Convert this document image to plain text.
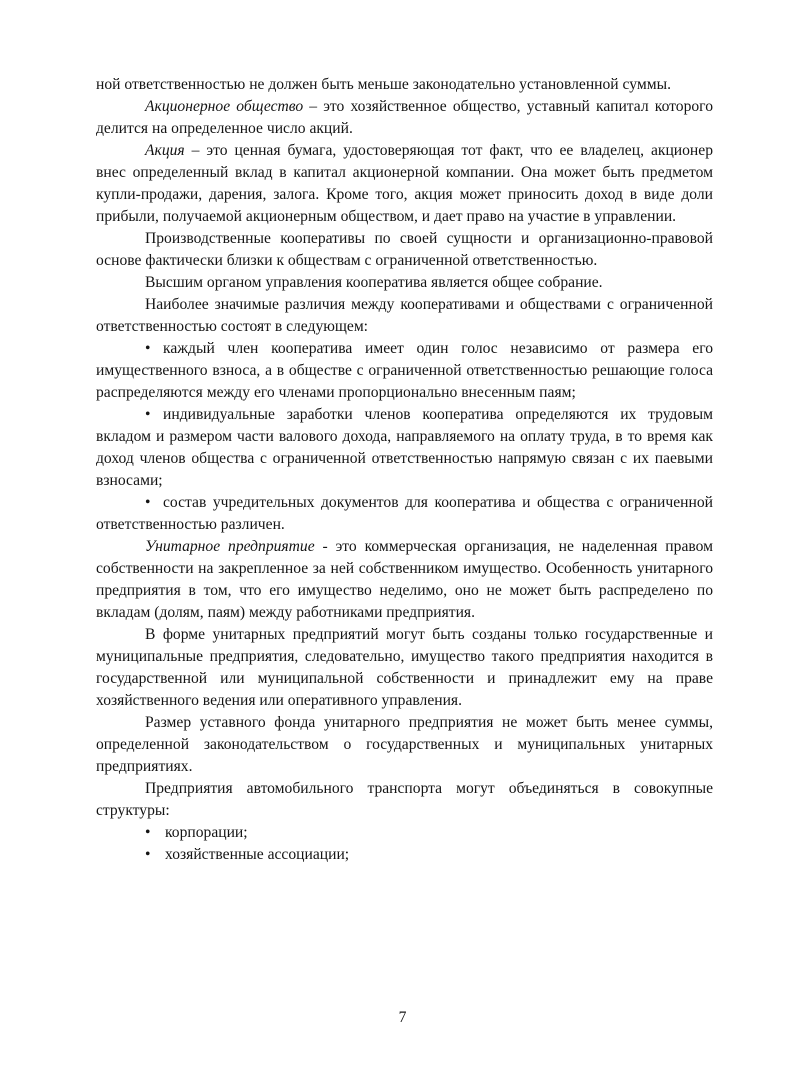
ной ответственностью не должен быть меньше законодательно установленной суммы.

Акционерное общество – это хозяйственное общество, уставный капитал которого делится на определенное число акций.

Акция – это ценная бумага, удостоверяющая тот факт, что ее владелец, акционер внес определенный вклад в капитал акционерной компании. Она может быть предметом купли-продажи, дарения, залога. Кроме того, акция может приносить доход в виде доли прибыли, получаемой акционерным обществом, и дает право на участие в управлении.

Производственные кооперативы по своей сущности и организационно-правовой основе фактически близки к обществам с ограниченной ответственностью.

Высшим органом управления кооператива является общее собрание.

Наиболее значимые различия между кооперативами и обществами с ограниченной ответственностью состоят в следующем:

• каждый член кооператива имеет один голос независимо от размера его имущественного взноса, а в обществе с ограниченной ответственностью решающие голоса распределяются между его членами пропорционально внесенным паям;

• индивидуальные заработки членов кооператива определяются их трудовым вкладом и размером части валового дохода, направляемого на оплату труда, в то время как доход членов общества с ограниченной ответственностью напрямую связан с их паевыми взносами;

• состав учредительных документов для кооператива и общества с ограниченной ответственностью различен.

Унитарное предприятие - это коммерческая организация, не наделенная правом собственности на закрепленное за ней собственником имущество. Особенность унитарного предприятия в том, что его имущество неделимо, оно не может быть распределено по вкладам (долям, паям) между работниками предприятия.

В форме унитарных предприятий могут быть созданы только государственные и муниципальные предприятия, следовательно, имущество такого предприятия находится в государственной или муниципальной собственности и принадлежит ему на праве хозяйственного ведения или оперативного управления.

Размер уставного фонда унитарного предприятия не может быть менее суммы, определенной законодательством о государственных и муниципальных унитарных предприятиях.

Предприятия автомобильного транспорта могут объединяться в совокупные структуры:

• корпорации;

• хозяйственные ассоциации;

7
